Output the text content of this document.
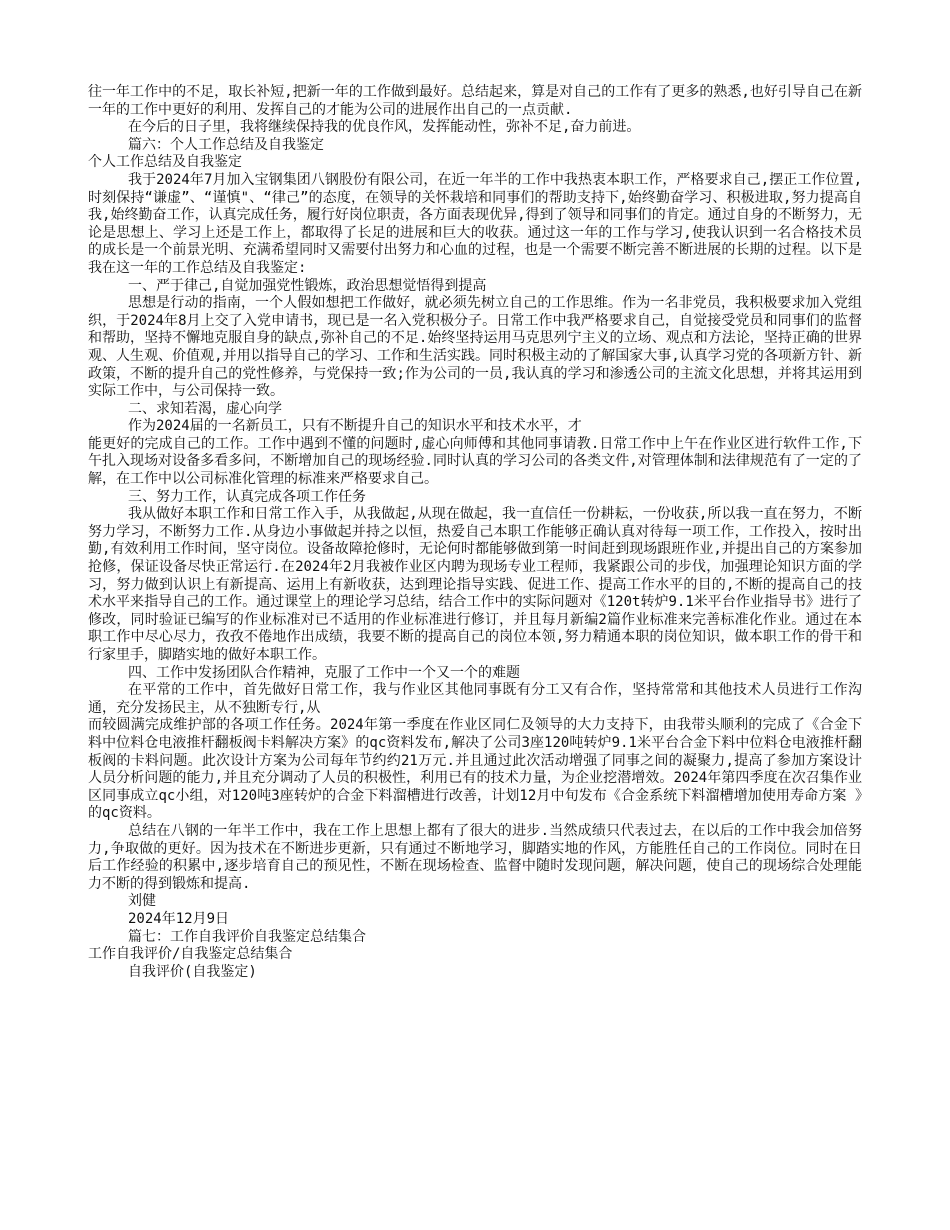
往一年工作中的不足，取长补短,把新一年的工作做到最好。总结起来，算是对自己的工作有了更多的熟悉,也好引导自己在新一年的工作中更好的利用、发挥自己的才能为公司的进展作出自己的一点贡献.

在今后的日子里，我将继续保持我的优良作风，发挥能动性，弥补不足,奋力前进。

篇六：个人工作总结及自我鉴定

个人工作总结及自我鉴定

我于2024年7月加入宝钢集团八钢股份有限公司，在近一年半的工作中我热衷本职工作，严格要求自己,摆正工作位置,时刻保持“谦虚”、“谨慎"、“律己”的态度，在领导的关怀栽培和同事们的帮助支持下,始终勤奋学习、积极进取,努力提高自我,始终勤奋工作，认真完成任务，履行好岗位职责，各方面表现优异,得到了领导和同事们的肯定。通过自身的不断努力，无论是思想上、学习上还是工作上，都取得了长足的进展和巨大的收获。通过这一年的工作与学习,使我认识到一名合格技术员的成长是一个前景光明、充满希望同时又需要付出努力和心血的过程，也是一个需要不断完善不断进展的长期的过程。以下是我在这一年的工作总结及自我鉴定:

一、严于律己,自觉加强党性锻炼，政治思想觉悟得到提高

思想是行动的指南，一个人假如想把工作做好，就必须先树立自己的工作思维。作为一名非党员，我积极要求加入党组织，于2024年8月上交了入党申请书，现已是一名入党积极分子。日常工作中我严格要求自己，自觉接受党员和同事们的监督和帮助，坚持不懈地克服自身的缺点,弥补自己的不足.始终坚持运用马克思列宁主义的立场、观点和方法论，坚持正确的世界观、人生观、价值观,并用以指导自己的学习、工作和生活实践。同时积极主动的了解国家大事,认真学习党的各项新方针、新政策，不断的提升自己的党性修养，与党保持一致;作为公司的一员,我认真的学习和渗透公司的主流文化思想，并将其运用到实际工作中，与公司保持一致。

二、求知若渴，虚心向学

作为2024届的一名新员工，只有不断提升自己的知识水平和技术水平，才

能更好的完成自己的工作。工作中遇到不懂的问题时,虚心向师傅和其他同事请教.日常工作中上午在作业区进行软件工作,下午扎入现场对设备多看多问，不断增加自己的现场经验.同时认真的学习公司的各类文件,对管理体制和法律规范有了一定的了解，在工作中以公司标准化管理的标准来严格要求自己。

三、努力工作，认真完成各项工作任务

我从做好本职工作和日常工作入手，从我做起,从现在做起，我一直信任一份耕耘，一份收获,所以我一直在努力，不断努力学习，不断努力工作.从身边小事做起并持之以恒，热爱自己本职工作能够正确认真对待每一项工作，工作投入，按时出勤,有效利用工作时间，坚守岗位。设备故障抢修时，无论何时都能够做到第一时间赶到现场跟班作业,并提出自己的方案参加抢修，保证设备尽快正常运行.在2024年2月我被作业区内聘为现场专业工程师，我紧跟公司的步伐，加强理论知识方面的学习，努力做到认识上有新提高、运用上有新收获，达到理论指导实践、促进工作、提高工作水平的目的,不断的提高自己的技术水平来指导自己的工作。通过课堂上的理论学习总结，结合工作中的实际问题对《120t转炉9.1米平台作业指导书》进行了修改，同时验证已编写的作业标准对已不适用的作业标准进行修订，并且每月新编2篇作业标准来完善标准化作业。通过在本职工作中尽心尽力，孜孜不倦地作出成绩，我要不断的提高自己的岗位本领,努力精通本职的岗位知识，做本职工作的骨干和行家里手，脚踏实地的做好本职工作。

四、工作中发扬团队合作精神，克服了工作中一个又一个的难题

在平常的工作中，首先做好日常工作，我与作业区其他同事既有分工又有合作，坚持常常和其他技术人员进行工作沟通，充分发扬民主，从不独断专行,从

而较圆满完成维护部的各项工作任务。2024年第一季度在作业区同仁及领导的大力支持下，由我带头顺利的完成了《合金下料中位料仓电液推杆翻板阀卡料解决方案》的qc资料发布,解决了公司3座120吨转炉9.1米平台合金下料中位料仓电液推杆翻板阀的卡料问题。此次设计方案为公司每年节约约21万元.并且通过此次活动增强了同事之间的凝聚力,提高了参加方案设计人员分析问题的能力,并且充分调动了人员的积极性，利用已有的技术力量，为企业挖潜增效。2024年第四季度在次召集作业区同事成立qc小组，对120吨3座转炉的合金下料溜槽进行改善，计划12月中旬发布《合金系统下料溜槽增加使用寿命方案 》的qc资料。

总结在八钢的一年半工作中，我在工作上思想上都有了很大的进步.当然成绩只代表过去，在以后的工作中我会加倍努力,争取做的更好。因为技术在不断进步更新，只有通过不断地学习，脚踏实地的作风，方能胜任自己的工作岗位。同时在日后工作经验的积累中,逐步培育自己的预见性，不断在现场检查、监督中随时发现问题，解决问题，使自己的现场综合处理能力不断的得到锻炼和提高.

刘健

2024年12月9日

篇七：工作自我评价自我鉴定总结集合

工作自我评价/自我鉴定总结集合

自我评价(自我鉴定)
